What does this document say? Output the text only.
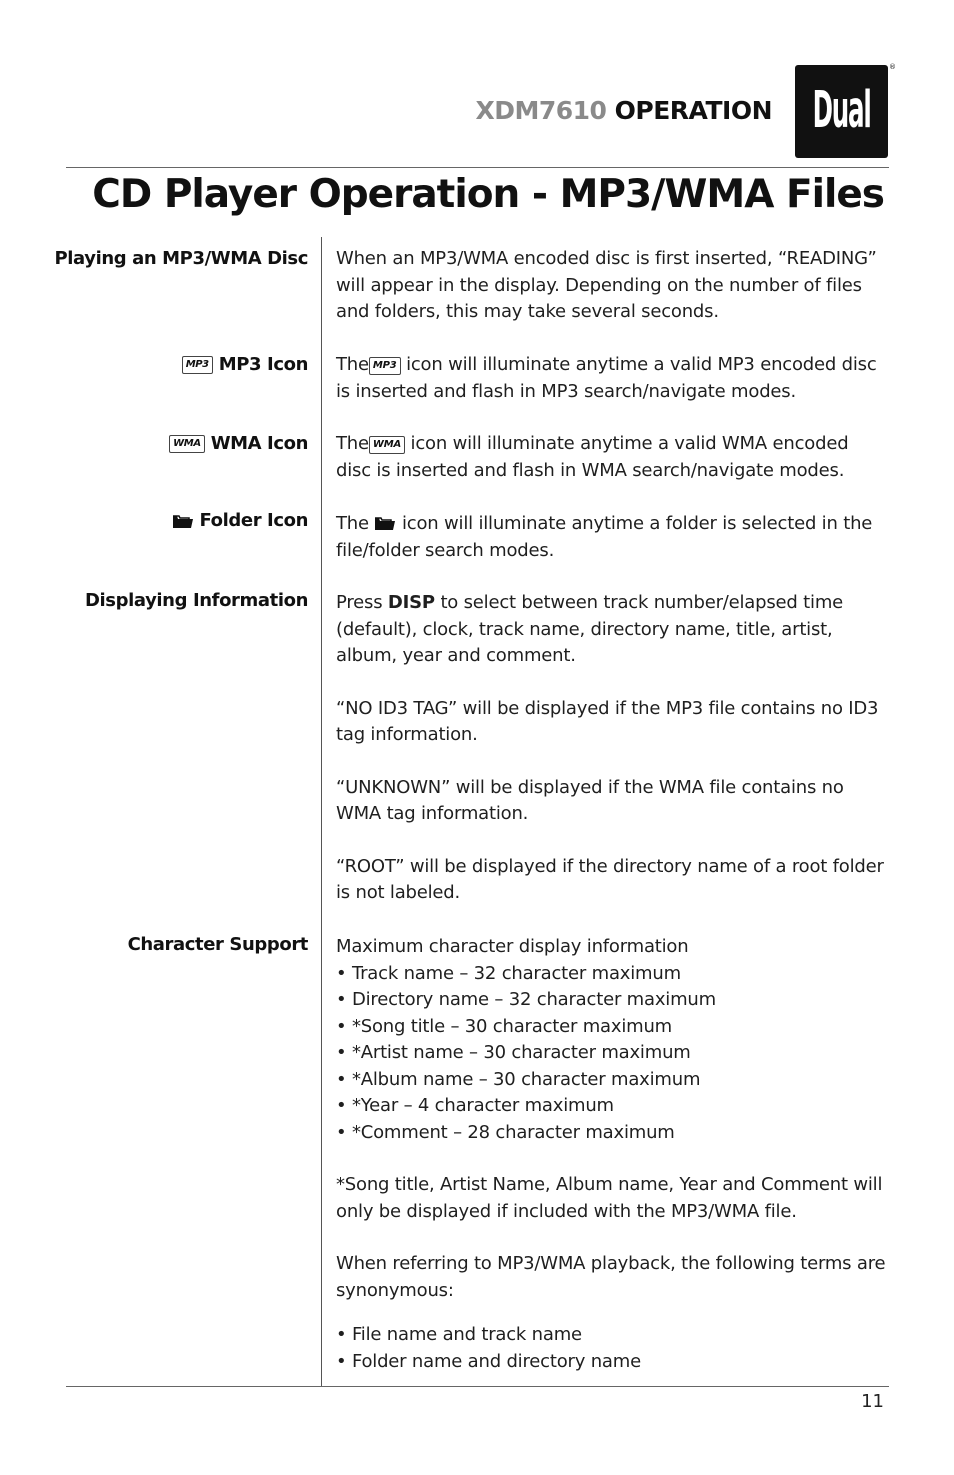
XDM7610 OPERATION Dual
®
CD Player Operation - MP3/WMA Files
Playing an MP3/WMA Disc When an MP3/WMA encoded disc is first inserted, “READING” will appear in the display. Depending on the number of files and folders, this may take several seconds.

MP3 MP3 Icon The MP3 icon will illuminate anytime a valid MP3 encoded disc is inserted and flash in MP3 search/navigate modes.

WMA WMA Icon The WMA icon will illuminate anytime a valid WMA encoded disc is inserted and flash in WMA search/navigate modes.

Folder Icon The icon will illuminate anytime a folder is selected in the file/folder search modes.

Displaying Information Press DISP to select between track number/elapsed time (default), clock, track name, directory name, title, artist, album, year and comment.

“NO ID3 TAG” will be displayed if the MP3 file contains no ID3 tag information.

“UNKNOWN” will be displayed if the WMA file contains no WMA tag information.

“ROOT” will be displayed if the directory name of a root folder is not labeled.

Character Support Maximum character display information

• Track name – 32 character maximum
• Directory name – 32 character maximum
• *Song title – 30 character maximum
• *Artist name – 30 character maximum
• *Album name – 30 character maximum
• *Year – 4 character maximum
• *Comment – 28 character maximum

*Song title, Artist Name, Album name, Year and Comment will only be displayed if included with the MP3/WMA file.

When referring to MP3/WMA playback, the following terms are synonymous:

• File name and track name
• Folder name and directory name
11
